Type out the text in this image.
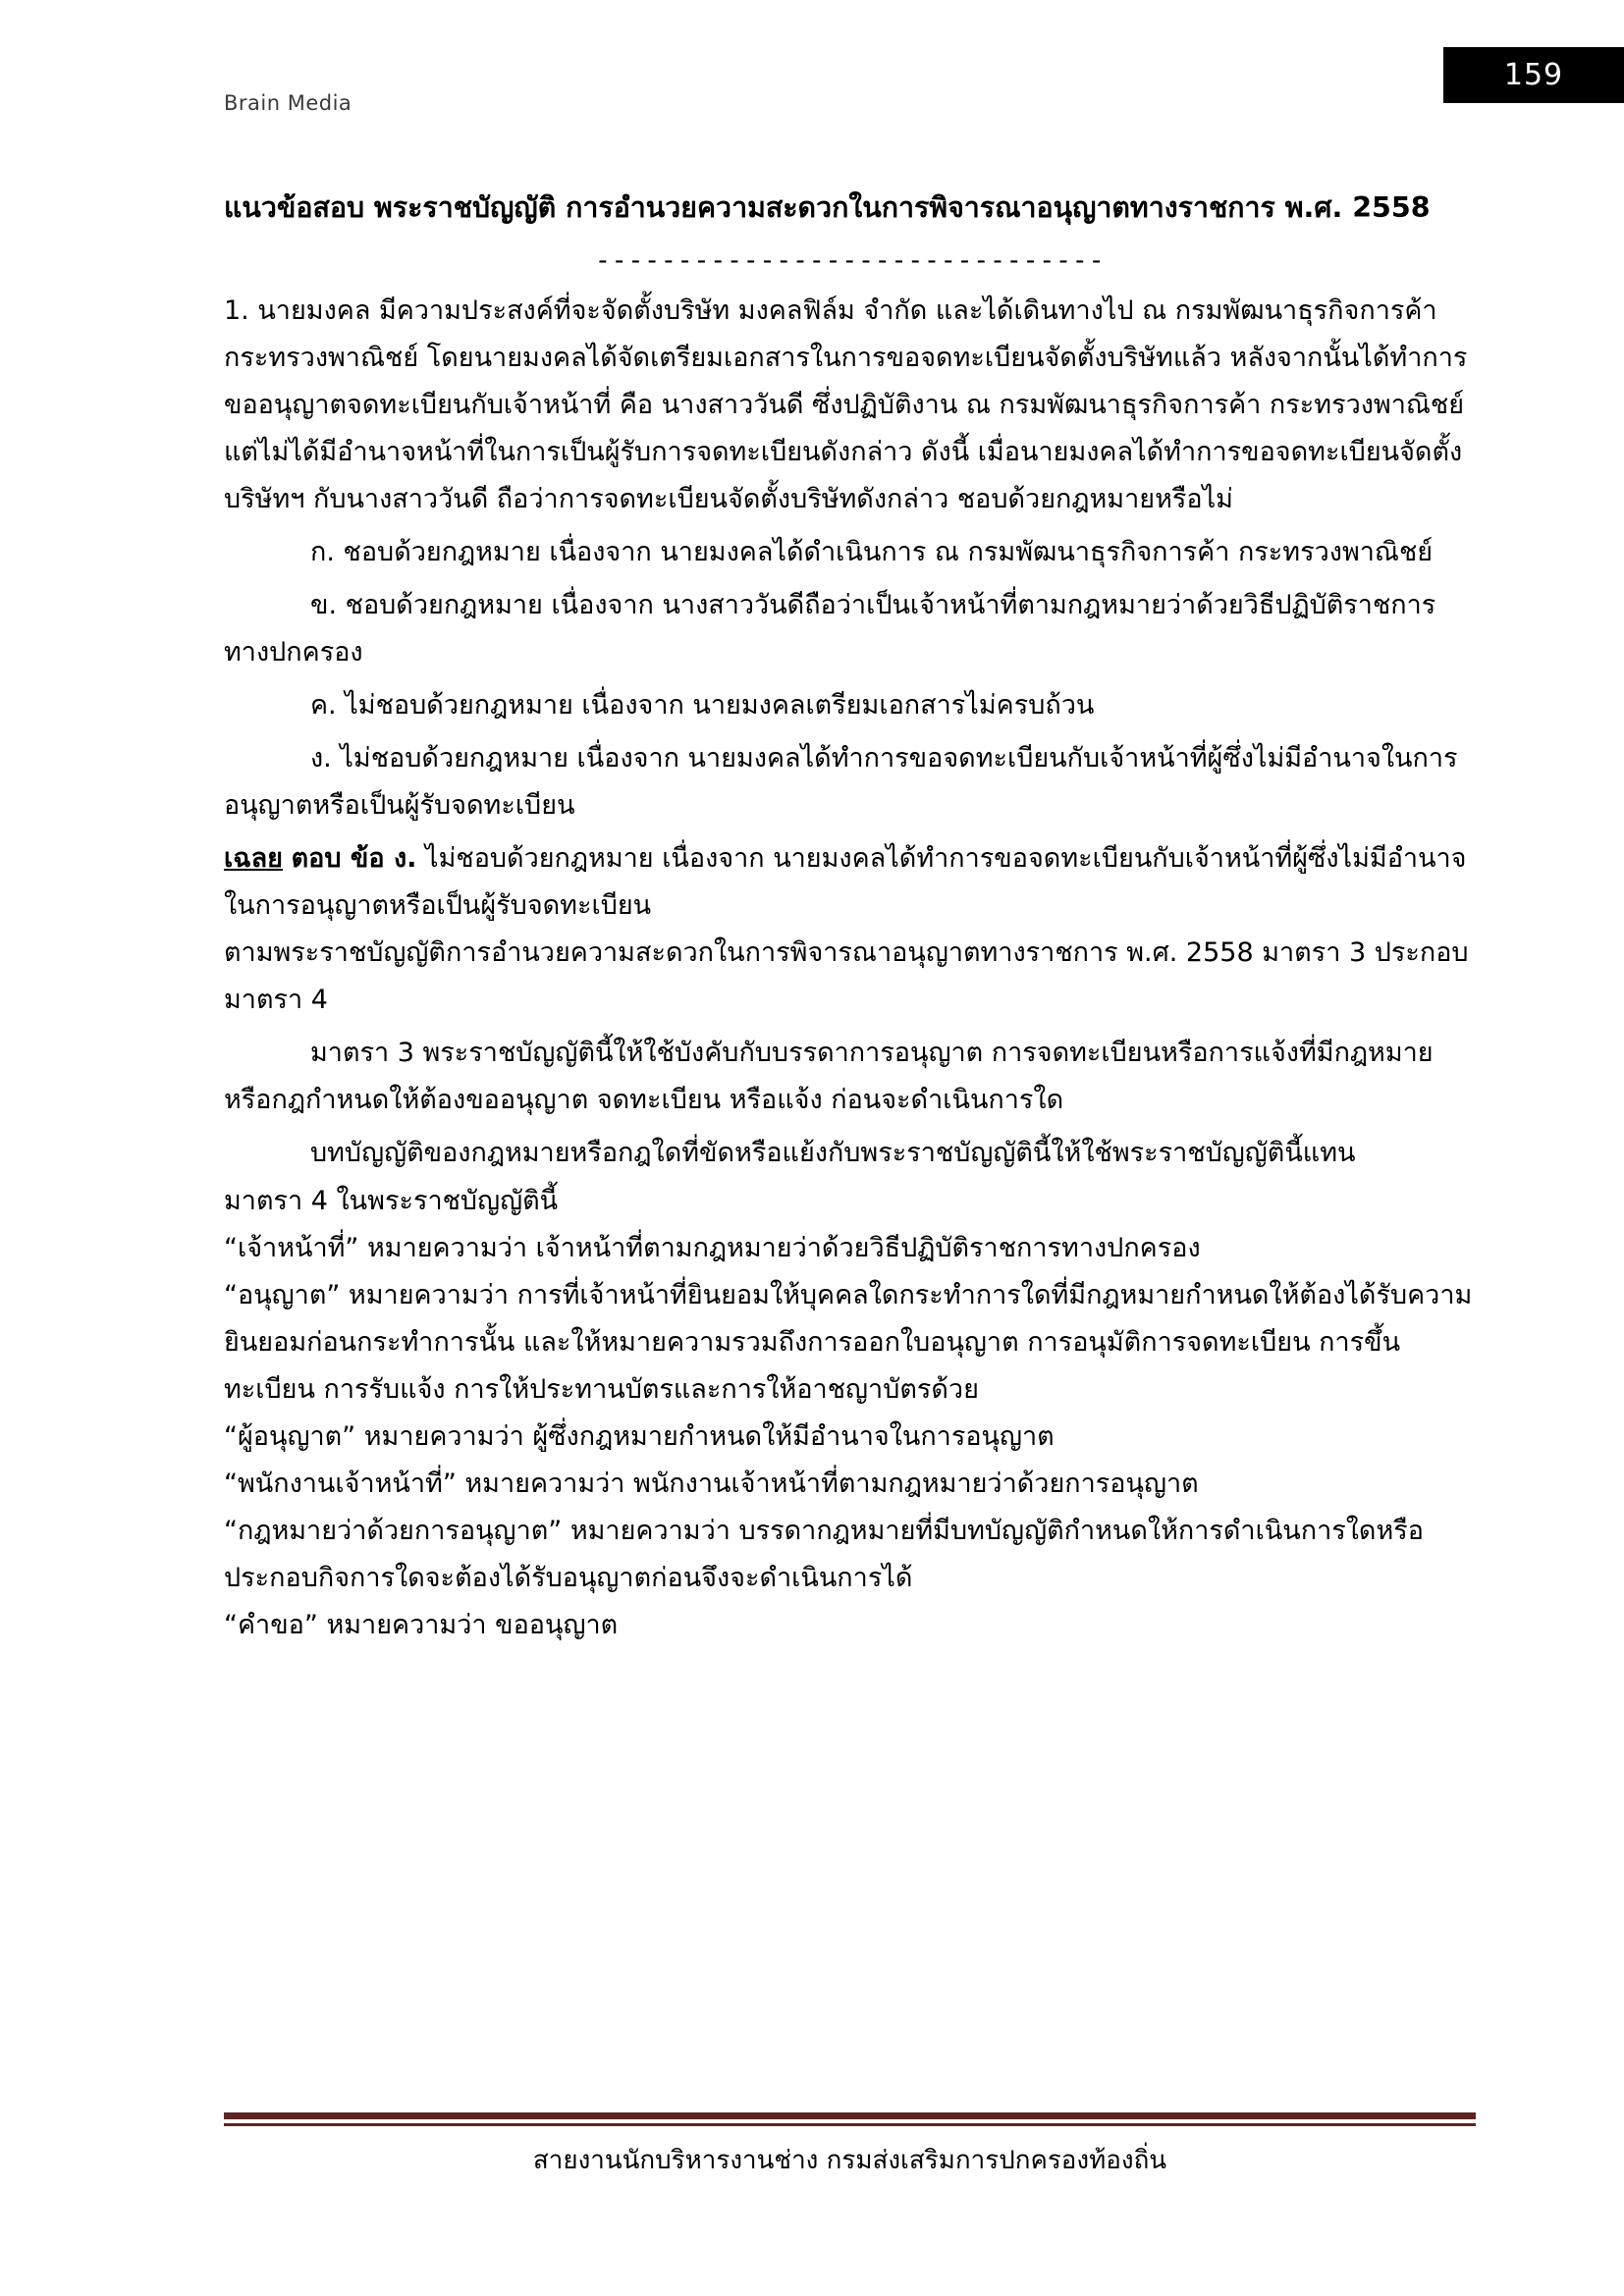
Brain Media
159
แนวข้อสอบ พระราชบัญญัติ การอำนวยความสะดวกในการพิจารณาอนุญาตทางราชการ พ.ศ. 2558
-------------------------------
1. นายมงคล มีความประสงค์ที่จะจัดตั้งบริษัท มงคลฟิล์ม จำกัด และได้เดินทางไป ณ กรมพัฒนาธุรกิจการค้า กระทรวงพาณิชย์ โดยนายมงคลได้จัดเตรียมเอกสารในการขอจดทะเบียนจัดตั้งบริษัทแล้ว หลังจากนั้นได้ทำการขออนุญาตจดทะเบียนกับเจ้าหน้าที่ คือ นางสาววันดี ซึ่งปฏิบัติงาน ณ กรมพัฒนาธุรกิจการค้า กระทรวงพาณิชย์ แต่ไม่ได้มีอำนาจหน้าที่ในการเป็นผู้รับการจดทะเบียนดังกล่าว ดังนี้ เมื่อนายมงคลได้ทำการขอจดทะเบียนจัดตั้งบริษัทฯ กับนางสาววันดี ถือว่าการจดทะเบียนจัดตั้งบริษัทดังกล่าว ชอบด้วยกฎหมายหรือไม่
ก. ชอบด้วยกฎหมาย เนื่องจาก นายมงคลได้ดำเนินการ ณ กรมพัฒนาธุรกิจการค้า กระทรวงพาณิชย์
ข. ชอบด้วยกฎหมาย เนื่องจาก นางสาววันดีถือว่าเป็นเจ้าหน้าที่ตามกฎหมายว่าด้วยวิธีปฏิบัติราชการทางปกครอง
ค. ไม่ชอบด้วยกฎหมาย เนื่องจาก นายมงคลเตรียมเอกสารไม่ครบถ้วน
ง. ไม่ชอบด้วยกฎหมาย เนื่องจาก นายมงคลได้ทำการขอจดทะเบียนกับเจ้าหน้าที่ผู้ซึ่งไม่มีอำนาจในการอนุญาตหรือเป็นผู้รับจดทะเบียน
เฉลย ตอบ ข้อ ง. ไม่ชอบด้วยกฎหมาย เนื่องจาก นายมงคลได้ทำการขอจดทะเบียนกับเจ้าหน้าที่ผู้ซึ่งไม่มีอำนาจในการอนุญาตหรือเป็นผู้รับจดทะเบียน
ตามพระราชบัญญัติการอำนวยความสะดวกในการพิจารณาอนุญาตทางราชการ พ.ศ. 2558 มาตรา 3 ประกอบ มาตรา 4
มาตรา 3 พระราชบัญญัตินี้ให้ใช้บังคับกับบรรดาการอนุญาต การจดทะเบียนหรือการแจ้งที่มีกฎหมายหรือกฎกำหนดให้ต้องขออนุญาต จดทะเบียน หรือแจ้ง ก่อนจะดำเนินการใด
บทบัญญัติของกฎหมายหรือกฎใดที่ขัดหรือแย้งกับพระราชบัญญัตินี้ให้ใช้พระราชบัญญัตินี้แทน
มาตรา 4 ในพระราชบัญญัตินี้
“เจ้าหน้าที่” หมายความว่า เจ้าหน้าที่ตามกฎหมายว่าด้วยวิธีปฏิบัติราชการทางปกครอง
“อนุญาต” หมายความว่า การที่เจ้าหน้าที่ยินยอมให้บุคคลใดกระทำการใดที่มีกฎหมายกำหนดให้ต้องได้รับความยินยอมก่อนกระทำการนั้น และให้หมายความรวมถึงการออกใบอนุญาต การอนุมัติการจดทะเบียน การขึ้นทะเบียน การรับแจ้ง การให้ประทานบัตรและการให้อาชญาบัตรด้วย
“ผู้อนุญาต” หมายความว่า ผู้ซึ่งกฎหมายกำหนดให้มีอำนาจในการอนุญาต
“พนักงานเจ้าหน้าที่” หมายความว่า พนักงานเจ้าหน้าที่ตามกฎหมายว่าด้วยการอนุญาต
“กฎหมายว่าด้วยการอนุญาต” หมายความว่า บรรดากฎหมายที่มีบทบัญญัติกำหนดให้การดำเนินการใดหรือประกอบกิจการใดจะต้องได้รับอนุญาตก่อนจึงจะดำเนินการได้
“คำขอ” หมายความว่า ขออนุญาต
สายงานนักบริหารงานช่าง กรมส่งเสริมการปกครองท้องถิ่น
